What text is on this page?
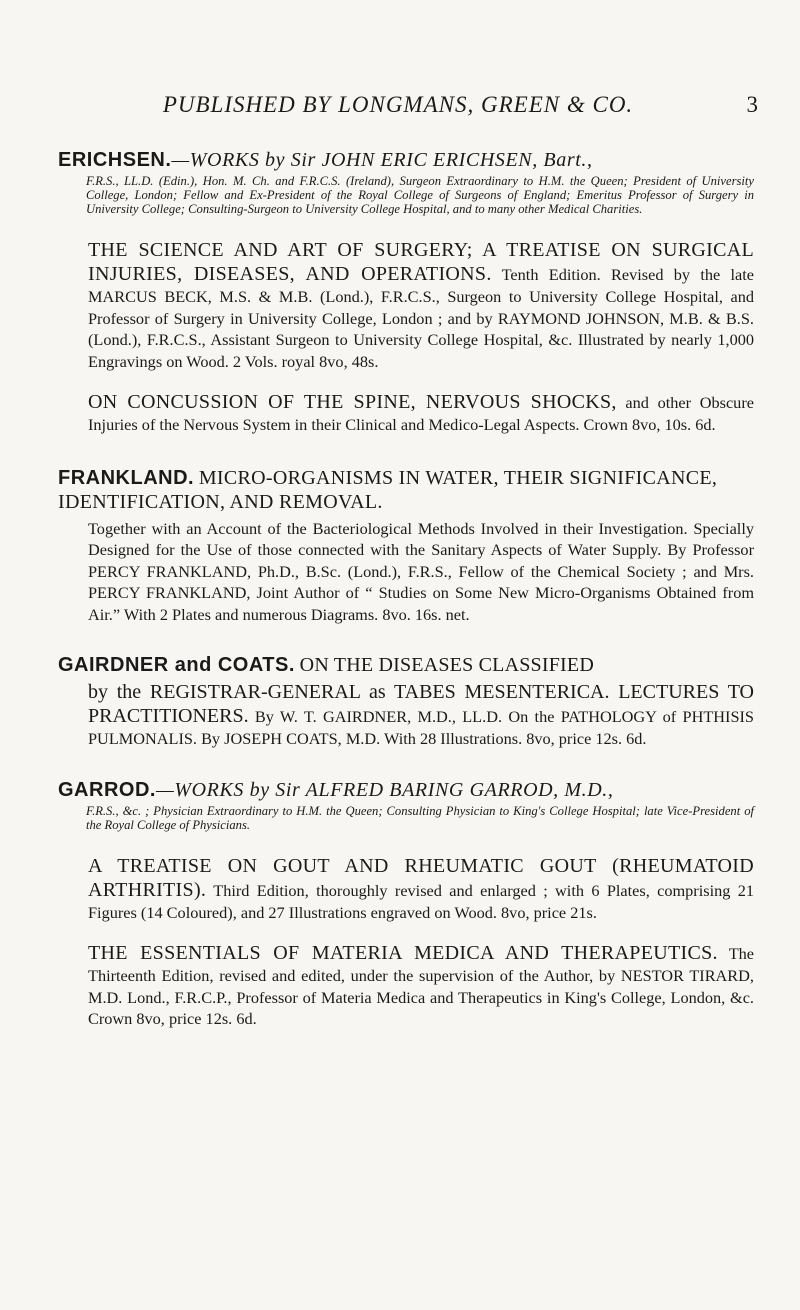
PUBLISHED BY LONGMANS, GREEN & CO.	3
ERICHSEN.—WORKS by Sir JOHN ERIC ERICHSEN, Bart.,
F.R.S., LL.D. (Edin.), Hon. M. Ch. and F.R.C.S. (Ireland), Surgeon Extraordinary to H.M. the Queen; President of University College, London; Fellow and Ex-President of the Royal College of Surgeons of England; Emeritus Professor of Surgery in University College; Consulting-Surgeon to University College Hospital, and to many other Medical Charities.
THE SCIENCE AND ART OF SURGERY; A TREATISE ON SURGICAL INJURIES, DISEASES, AND OPERATIONS. Tenth Edition. Revised by the late MARCUS BECK, M.S. & M.B. (Lond.), F.R.C.S., Surgeon to University College Hospital, and Professor of Surgery in University College, London ; and by RAYMOND JOHNSON, M.B. & B.S. (Lond.), F.R.C.S., Assistant Surgeon to University College Hospital, &c. Illustrated by nearly 1,000 Engravings on Wood. 2 Vols. royal 8vo, 48s.
ON CONCUSSION OF THE SPINE, NERVOUS SHOCKS, and other Obscure Injuries of the Nervous System in their Clinical and Medico-Legal Aspects. Crown 8vo, 10s. 6d.
FRANKLAND. MICRO-ORGANISMS IN WATER, THEIR SIGNIFICANCE, IDENTIFICATION, AND REMOVAL.
Together with an Account of the Bacteriological Methods Involved in their Investigation. Specially Designed for the Use of those connected with the Sanitary Aspects of Water Supply. By Professor PERCY FRANKLAND, Ph.D., B.Sc. (Lond.), F.R.S., Fellow of the Chemical Society ; and Mrs. PERCY FRANKLAND, Joint Author of “ Studies on Some New Micro-Organisms Obtained from Air.” With 2 Plates and numerous Diagrams. 8vo. 16s. net.
GAIRDNER and COATS. ON THE DISEASES CLASSIFIED
by the REGISTRAR-GENERAL as TABES MESENTERICA. LECTURES TO PRACTITIONERS. By W. T. GAIRDNER, M.D., LL.D. On the PATHOLOGY of PHTHISIS PULMONALIS. By JOSEPH COATS, M.D. With 28 Illustrations. 8vo, price 12s. 6d.
GARROD.—WORKS by Sir ALFRED BARING GARROD, M.D.,
F.R.S., &c. ; Physician Extraordinary to H.M. the Queen; Consulting Physician to King's College Hospital; late Vice-President of the Royal College of Physicians.
A TREATISE ON GOUT AND RHEUMATIC GOUT (RHEUMATOID ARTHRITIS). Third Edition, thoroughly revised and enlarged ; with 6 Plates, comprising 21 Figures (14 Coloured), and 27 Illustrations engraved on Wood. 8vo, price 21s.
THE ESSENTIALS OF MATERIA MEDICA AND THERAPEUTICS. The Thirteenth Edition, revised and edited, under the supervision of the Author, by NESTOR TIRARD, M.D. Lond., F.R.C.P., Professor of Materia Medica and Therapeutics in King's College, London, &c. Crown 8vo, price 12s. 6d.
